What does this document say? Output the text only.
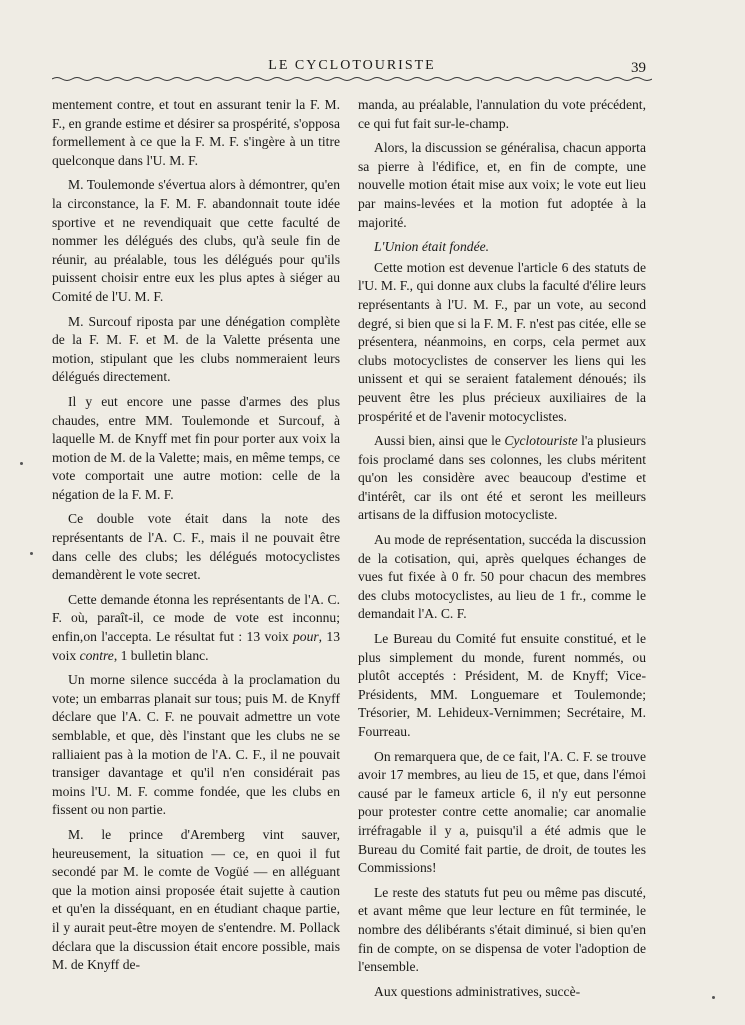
LE CYCLOTOURISTE	39

mentement contre, et tout en assurant tenir la F. M. F., en grande estime et désirer sa prospérité, s'opposa formellement à ce que la F. M. F. s'ingère à un titre quelconque dans l'U. M. F.

M. Toulemonde s'évertua alors à démontrer, qu'en la circonstance, la F. M. F. abandonnait toute idée sportive et ne revendiquait que cette faculté de nommer les délégués des clubs, qu'à seule fin de réunir, au préalable, tous les délégués pour qu'ils puissent choisir entre eux les plus aptes à siéger au Comité de l'U. M. F.

M. Surcouf riposta par une dénégation complète de la F. M. F. et M. de la Valette présenta une motion, stipulant que les clubs nommeraient leurs délégués directement.

Il y eut encore une passe d'armes des plus chaudes, entre MM. Toulemonde et Surcouf, à laquelle M. de Knyff met fin pour porter aux voix la motion de M. de la Valette; mais, en même temps, ce vote comportait une autre motion: celle de la négation de la F. M. F.

Ce double vote était dans la note des représentants de l'A. C. F., mais il ne pouvait être dans celle des clubs; les délégués motocyclistes demandèrent le vote secret.

Cette demande étonna les représentants de l'A. C. F. où, paraît-il, ce mode de vote est inconnu; enfin,on l'accepta. Le résultat fut : 13 voix pour, 13 voix contre, 1 bulletin blanc.

Un morne silence succéda à la proclamation du vote; un embarras planait sur tous; puis M. de Knyff déclare que l'A. C. F. ne pouvait admettre un vote semblable, et que, dès l'instant que les clubs ne se ralliaient pas à la motion de l'A. C. F., il ne pouvait transiger davantage et qu'il n'en considérait pas moins l'U. M. F. comme fondée, que les clubs en fissent ou non partie.

M. le prince d'Aremberg vint sauver, heureusement, la situation — ce, en quoi il fut secondé par M. le comte de Vogüé — en alléguant que la motion ainsi proposée était sujette à caution et qu'en la disséquant, en en étudiant chaque partie, il y aurait peut-être moyen de s'entendre. M. Pollack déclara que la discussion était encore possible, mais M. de Knyff de-

manda, au préalable, l'annulation du vote précédent, ce qui fut fait sur-le-champ.

Alors, la discussion se généralisa, chacun apporta sa pierre à l'édifice, et, en fin de compte, une nouvelle motion était mise aux voix; le vote eut lieu par mains-levées et la motion fut adoptée à la majorité.

L'Union était fondée.

Cette motion est devenue l'article 6 des statuts de l'U. M. F., qui donne aux clubs la faculté d'élire leurs représentants à l'U. M. F., par un vote, au second degré, si bien que si la F. M. F. n'est pas citée, elle se présentera, néanmoins, en corps, cela permet aux clubs motocyclistes de conserver les liens qui les unissent et qui se seraient fatalement dénoués; ils peuvent être les plus précieux auxiliaires de la prospérité et de l'avenir motocyclistes.

Aussi bien, ainsi que le Cyclotouriste l'a plusieurs fois proclamé dans ses colonnes, les clubs méritent qu'on les considère avec beaucoup d'estime et d'intérêt, car ils ont été et seront les meilleurs artisans de la diffusion motocycliste.

Au mode de représentation, succéda la discussion de la cotisation, qui, après quelques échanges de vues fut fixée à 0 fr. 50 pour chacun des membres des clubs motocyclistes, au lieu de 1 fr., comme le demandait l'A. C. F.

Le Bureau du Comité fut ensuite constitué, et le plus simplement du monde, furent nommés, ou plutôt acceptés : Président, M. de Knyff; Vice-Présidents, MM. Longuemare et Toulemonde; Trésorier, M. Lehideux-Vernimmen; Secrétaire, M. Fourreau.

On remarquera que, de ce fait, l'A. C. F. se trouve avoir 17 membres, au lieu de 15, et que, dans l'émoi causé par le fameux article 6, il n'y eut personne pour protester contre cette anomalie; car anomalie irréfragable il y a, puisqu'il a été admis que le Bureau du Comité fait partie, de droit, de toutes les Commissions!

Le reste des statuts fut peu ou même pas discuté, et avant même que leur lecture en fût terminée, le nombre des délibérants s'était diminué, si bien qu'en fin de compte, on se dispensa de voter l'adoption de l'ensemble.

Aux questions administratives, succè-
